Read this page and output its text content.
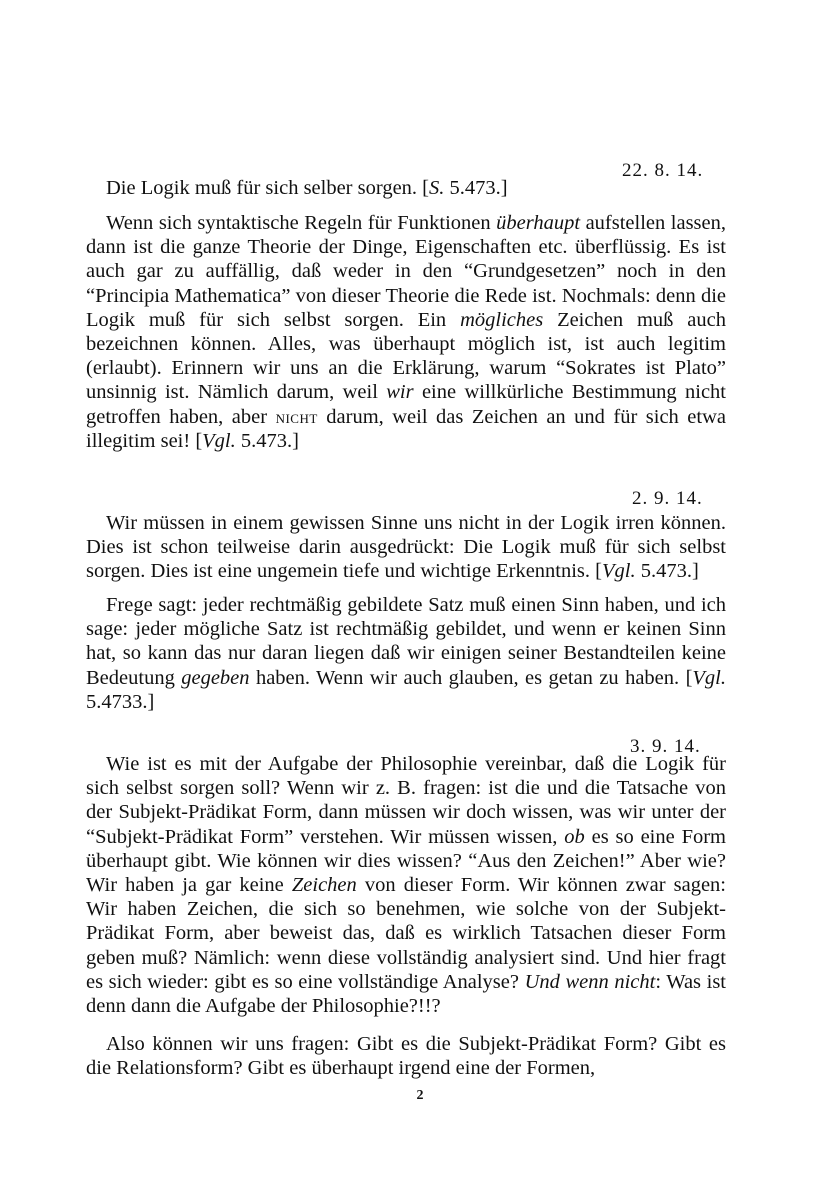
22. 8. 14.
Die Logik muß für sich selber sorgen. [S. 5.473.]
Wenn sich syntaktische Regeln für Funktionen überhaupt aufstellen lassen, dann ist die ganze Theorie der Dinge, Eigenschaften etc. überflüssig. Es ist auch gar zu auffällig, daß weder in den “Grundgesetzen” noch in den “Principia Mathematica” von dieser Theorie die Rede ist. Nochmals: denn die Logik muß für sich selbst sorgen. Ein mögliches Zeichen muß auch bezeichnen können. Alles, was überhaupt möglich ist, ist auch legitim (erlaubt). Erinnern wir uns an die Erklärung, warum “Sokrates ist Plato” unsinnig ist. Nämlich darum, weil wir eine willkürliche Bestimmung nicht getroffen haben, aber nicht darum, weil das Zeichen an und für sich etwa illegitim sei! [Vgl. 5.473.]
2. 9. 14.
Wir müssen in einem gewissen Sinne uns nicht in der Logik irren können. Dies ist schon teilweise darin ausgedrückt: Die Logik muß für sich selbst sorgen. Dies ist eine ungemein tiefe und wichtige Erkenntnis. [Vgl. 5.473.]
Frege sagt: jeder rechtmäßig gebildete Satz muß einen Sinn haben, und ich sage: jeder mögliche Satz ist rechtmäßig gebildet, und wenn er keinen Sinn hat, so kann das nur daran liegen daß wir einigen seiner Bestandteilen keine Bedeutung gegeben haben. Wenn wir auch glauben, es getan zu haben. [Vgl. 5.4733.]
3. 9. 14.
Wie ist es mit der Aufgabe der Philosophie vereinbar, daß die Logik für sich selbst sorgen soll? Wenn wir z. B. fragen: ist die und die Tatsache von der Subjekt-Prädikat Form, dann müssen wir doch wissen, was wir unter der “Subjekt-Prädikat Form” verstehen. Wir müssen wissen, ob es so eine Form überhaupt gibt. Wie können wir dies wissen? “Aus den Zeichen!” Aber wie? Wir haben ja gar keine Zeichen von dieser Form. Wir können zwar sagen: Wir haben Zeichen, die sich so benehmen, wie solche von der Subjekt-Prädikat Form, aber beweist das, daß es wirklich Tatsachen dieser Form geben muß? Nämlich: wenn diese vollständig analysiert sind. Und hier fragt es sich wieder: gibt es so eine vollständige Analyse? Und wenn nicht: Was ist denn dann die Aufgabe der Philosophie?!!?
Also können wir uns fragen: Gibt es die Subjekt-Prädikat Form? Gibt es die Relationsform? Gibt es überhaupt irgend eine der Formen,
2
